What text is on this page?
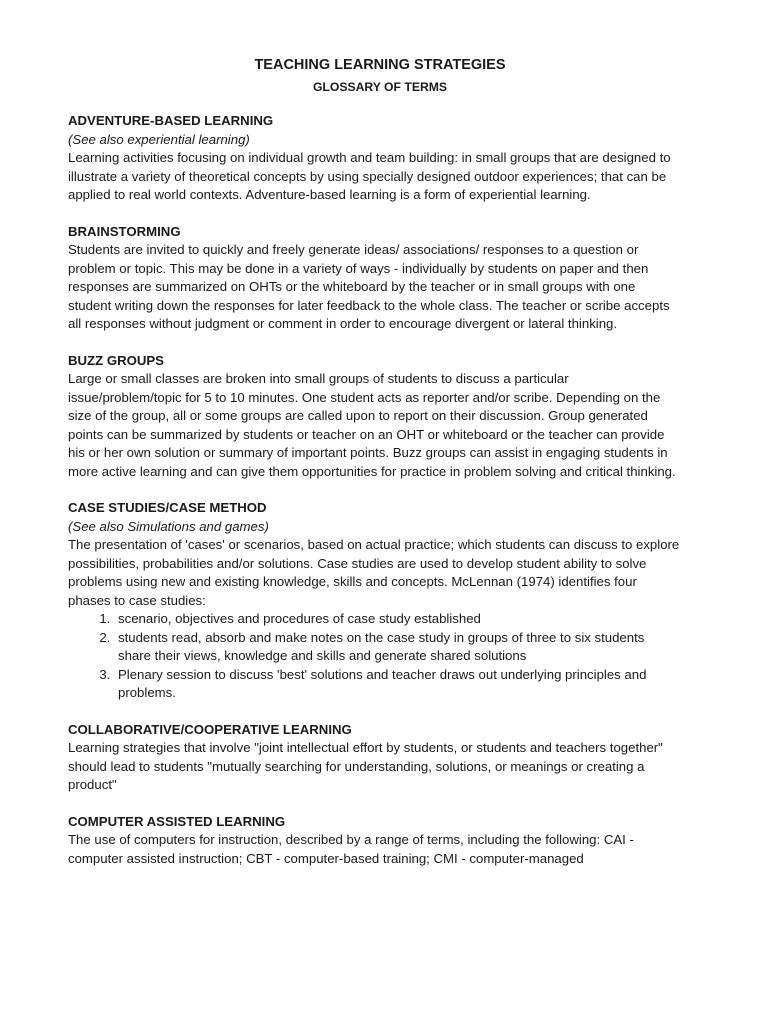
TEACHING LEARNING STRATEGIES

GLOSSARY OF TERMS

ADVENTURE-BASED LEARNING

(See also experiential learning)

Learning activities focusing on individual growth and team building: in small groups that are designed to illustrate a variety of theoretical concepts by using specially designed outdoor experiences; that can be applied to real world contexts. Adventure-based learning is a form of experiential learning.

BRAINSTORMING

Students are invited to quickly and freely generate ideas/ associations/ responses to a question or problem or topic. This may be done in a variety of ways - individually by students on paper and then responses are summarized on OHTs or the whiteboard by the teacher or in small groups with one student writing down the responses for later feedback to the whole class. The teacher or scribe accepts all responses without judgment or comment in order to encourage divergent or lateral thinking.

BUZZ GROUPS

Large or small classes are broken into small groups of students to discuss a particular issue/problem/topic for 5 to 10 minutes. One student acts as reporter and/or scribe. Depending on the size of the group, all or some groups are called upon to report on their discussion. Group generated points can be summarized by students or teacher on an OHT or whiteboard or the teacher can provide his or her own solution or summary of important points. Buzz groups can assist in engaging students in more active learning and can give them opportunities for practice in problem solving and critical thinking.

CASE STUDIES/CASE METHOD

(See also Simulations and games)

The presentation of 'cases' or scenarios, based on actual practice; which students can discuss to explore possibilities, probabilities and/or solutions. Case studies are used to develop student ability to solve problems using new and existing knowledge, skills and concepts. McLennan (1974) identifies four phases to case studies:

1. scenario, objectives and procedures of case study established
2. students read, absorb and make notes on the case study in groups of three to six students share their views, knowledge and skills and generate shared solutions
3. Plenary session to discuss 'best' solutions and teacher draws out underlying principles and problems.

COLLABORATIVE/COOPERATIVE LEARNING

Learning strategies that involve "joint intellectual effort by students, or students and teachers together" should lead to students "mutually searching for understanding, solutions, or meanings or creating a product"

COMPUTER ASSISTED LEARNING

The use of computers for instruction, described by a range of terms, including the following: CAI - computer assisted instruction; CBT - computer-based training; CMI - computer-managed
